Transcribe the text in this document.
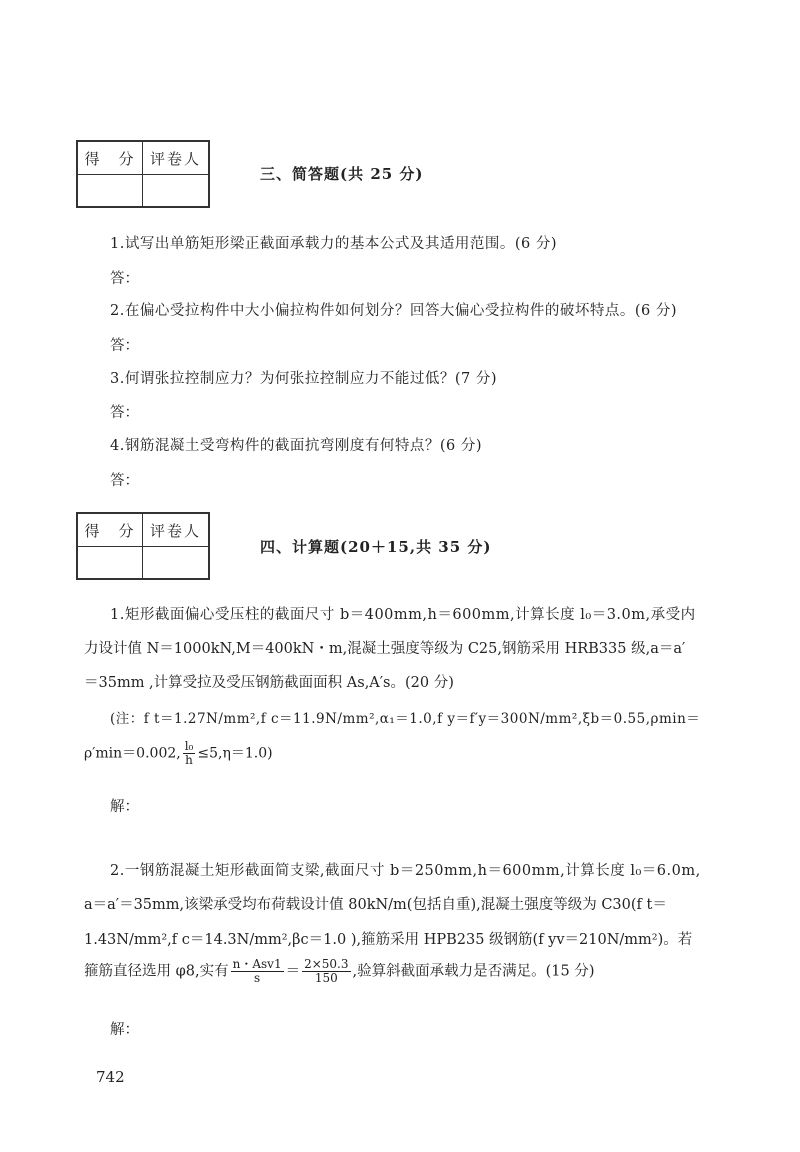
得　分 评卷人
三、简答题(共 25 分)
1.试写出单筋矩形梁正截面承载力的基本公式及其适用范围。(6 分)
答：
2.在偏心受拉构件中大小偏拉构件如何划分？回答大偏心受拉构件的破坏特点。(6 分)
答：
3.何谓张拉控制应力？为何张拉控制应力不能过低？(7 分)
答：
4.钢筋混凝土受弯构件的截面抗弯刚度有何特点？(6 分)
答：
得　分 评卷人
四、计算题(20＋15,共 35 分)
1.矩形截面偏心受压柱的截面尺寸 b＝400mm,h＝600mm,计算长度 l₀＝3.0m,承受内
力设计值 N＝1000kN,M＝400kN・m,混凝土强度等级为 C25,钢筋采用 HRB335 级,a＝a′
＝35mm ,计算受拉及受压钢筋截面面积 As,A′s。(20 分)
(注：f t＝1.27N/mm²,f c＝11.9N/mm²,α₁＝1.0,f y＝f′y＝300N/mm²,ξb＝0.55,ρmin＝
ρ′min＝0.002, $\frac{\text{l₀}}{h} \le 5,\eta=1.0$)
解：
2.一钢筋混凝土矩形截面简支梁,截面尺寸 b＝250mm,h＝600mm,计算长度 l₀＝6.0m,
a＝a′＝35mm,该梁承受均布荷载设计值 80kN/m(包括自重),混凝土强度等级为 C30(f t＝
1.43N/mm²,f c＝14.3N/mm²,βc＝1.0 ),箍筋采用 HPB235 级钢筋(f yv＝210N/mm²)。若
箍筋直径选用 φ8,实有 $\frac{\text{n・Asv1}}{s} = \frac{2\times 50.3}{150}$ ,验算斜截面承载力是否满足。(15 分)
解：
742
